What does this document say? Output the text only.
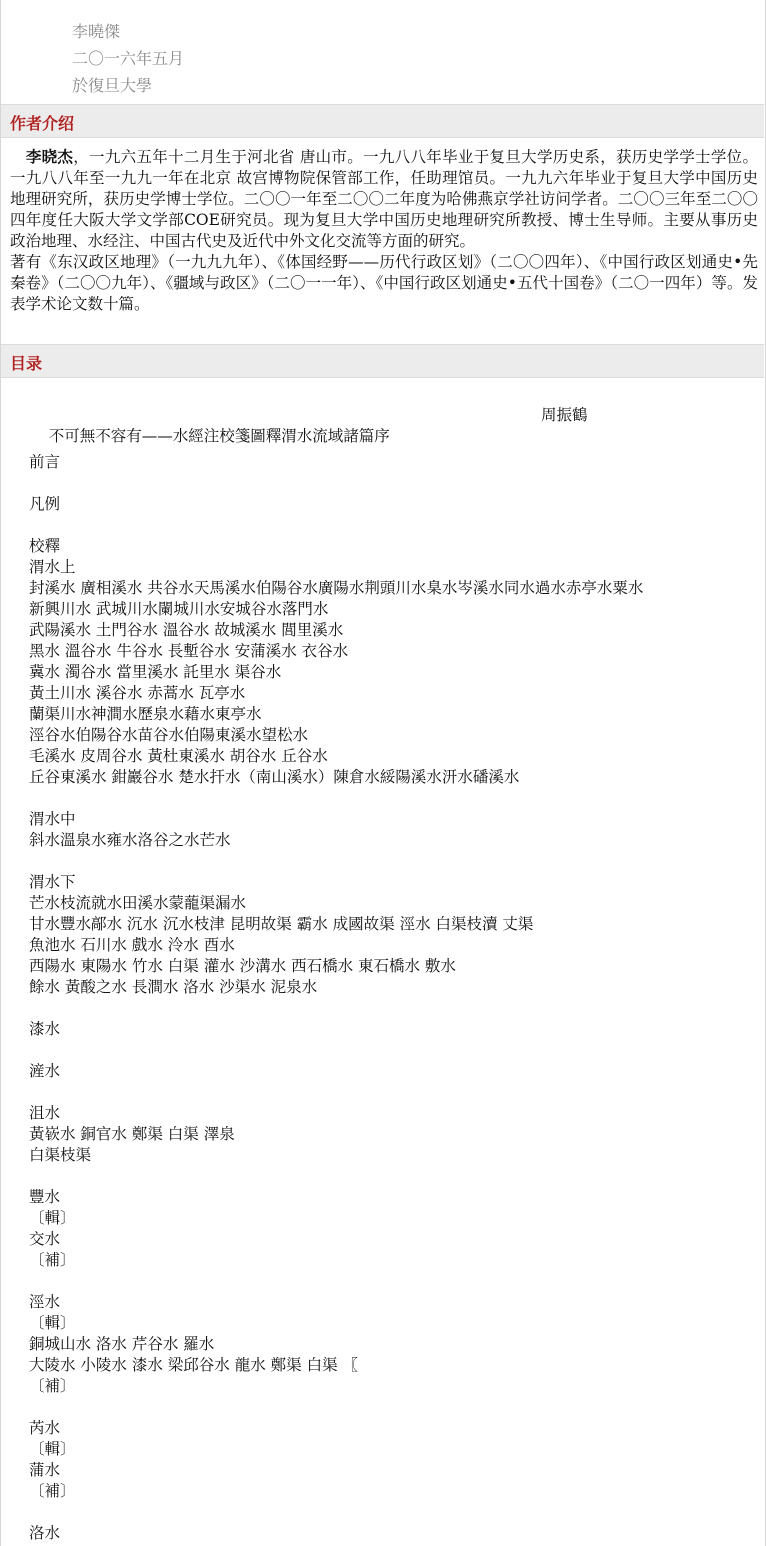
李曉傑
二〇一六年五月
於復旦大學
作者介绍

　李晓杰，一九六五年十二月生于河北省 唐山市。一九八八年毕业于复旦大学历史系，获历史学学士学位。一九八八年至一九九一年在北京 故宫博物院保管部工作，任助理馆员。一九九六年毕业于复旦大学中国历史地理研究所，获历史学博士学位。二〇〇一年至二〇〇二年度为哈佛燕京学社访问学者。二〇〇三年至二〇〇四年度任大阪大学文学部COE研究员。现为复旦大学中国历史地理研究所教授、博士生导师。主要从事历史政治地理、水经注、中国古代史及近代中外文化交流等方面的研究。

著有《东汉政区地理》（一九九九年）、《体国经野——历代行政区划》（二〇〇四年）、《中国行政区划通史•先秦卷》（二〇〇九年）、《疆域与政区》（二〇一一年）、《中国行政区划通史•五代十国卷》（二〇一四年）等。发表学术论文数十篇。

目录

不可無不容有——水經注校箋圖釋渭水流域諸篇序

周振鶴

前言
凡例
校釋
渭水上
封溪水 廣相溪水 共谷水天馬溪水伯陽谷水廣陽水荆頭川水臬水岑溪水同水過水赤亭水粟水
新興川水 武城川水闌城川水安城谷水落門水
武陽溪水 土門谷水 溫谷水 故城溪水 閭里溪水
黑水 溫谷水 牛谷水 長塹谷水 安蒲溪水 衣谷水
冀水 濁谷水 當里溪水 託里水 渠谷水
黃土川水 溪谷水 赤蒿水 瓦亭水
蘭渠川水神澗水歷泉水藉水東亭水
涇谷水伯陽谷水苗谷水伯陽東溪水望松水
毛溪水 皮周谷水 黃杜東溪水 胡谷水 丘谷水
丘谷東溪水 鉗巖谷水 楚水扞水（南山溪水）陳倉水綏陽溪水汧水磻溪水
渭水中
斜水溫泉水雍水洛谷之水芒水
渭水下
芒水枝流就水田溪水蒙蘢渠漏水
甘水豐水鄗水 沉水 沉水枝津 昆明故渠 霸水 成國故渠 涇水 白渠枝瀆 丈渠
魚池水 石川水 戲水 泠水 酉水
西陽水 東陽水 竹水 白渠 灌水 沙溝水 西石橋水 東石橋水 敷水
餘水 黃酸之水 長澗水 洛水 沙渠水 泥泉水
漆水
滻水
沮水
黃嵚水 銅官水 鄭渠 白渠 澤泉
白渠枝渠
豐水
〔輯〕
交水
〔補〕
涇水
〔輯〕
銅城山水 洛水 芹谷水 羅水
大陵水 小陵水 漆水 梁邱谷水 龍水 鄭渠 白渠 〖
〔補〕
芮水
〔輯〕
蒲水
〔補〕
洛水
